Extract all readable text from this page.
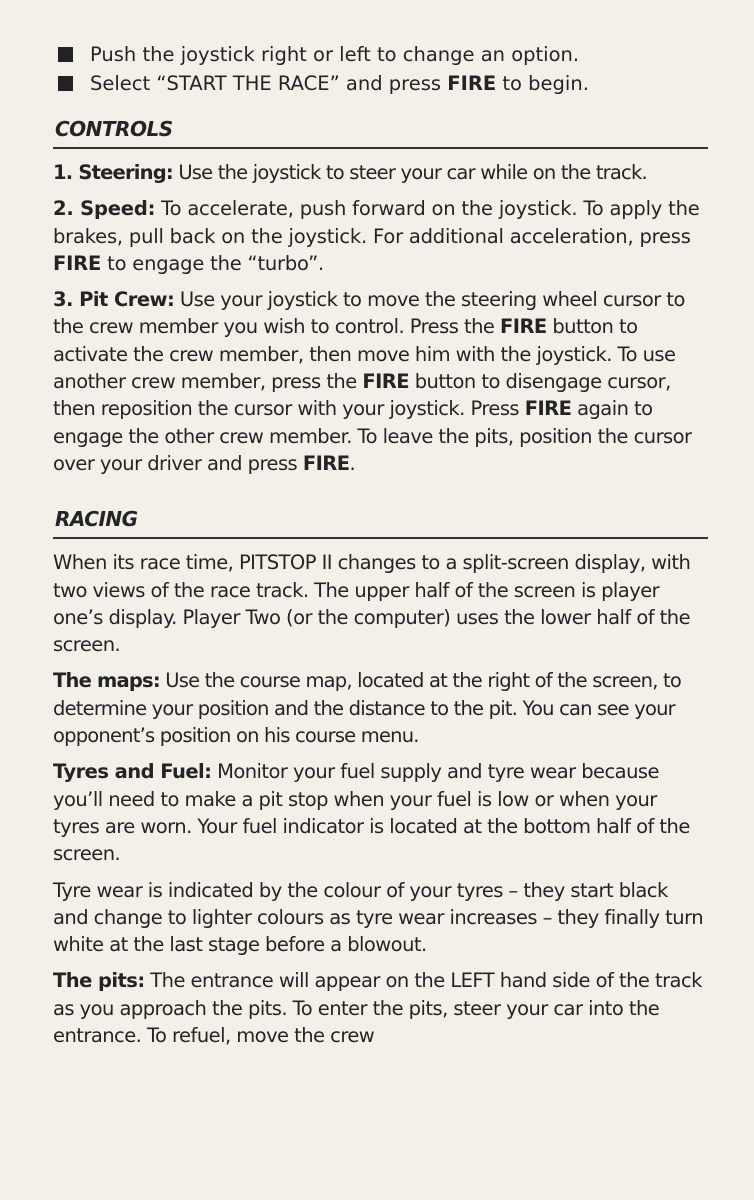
Push the joystick right or left to change an option.
Select “START THE RACE” and press FIRE to begin.
CONTROLS

1. Steering: Use the joystick to steer your car while on the track.

2. Speed: To accelerate, push forward on the joystick. To apply the brakes, pull back on the joystick. For additional acceleration, press FIRE to engage the “turbo”.

3. Pit Crew: Use your joystick to move the steering wheel cursor to the crew member you wish to control. Press the FIRE button to activate the crew member, then move him with the joystick. To use another crew member, press the FIRE button to disengage cursor, then reposition the cursor with your joystick. Press FIRE again to engage the other crew member. To leave the pits, position the cursor over your driver and press FIRE.

RACING

When its race time, PITSTOP II changes to a split-screen display, with two views of the race track. The upper half of the screen is player one’s display. Player Two (or the computer) uses the lower half of the screen.

The maps: Use the course map, located at the right of the screen, to determine your position and the distance to the pit. You can see your opponent’s position on his course menu.

Tyres and Fuel: Monitor your fuel supply and tyre wear because you’ll need to make a pit stop when your fuel is low or when your tyres are worn. Your fuel indicator is located at the bottom half of the screen.

Tyre wear is indicated by the colour of your tyres – they start black and change to lighter colours as tyre wear increases – they finally turn white at the last stage before a blowout.

The pits: The entrance will appear on the LEFT hand side of the track as you approach the pits. To enter the pits, steer your car into the entrance. To refuel, move the crew
